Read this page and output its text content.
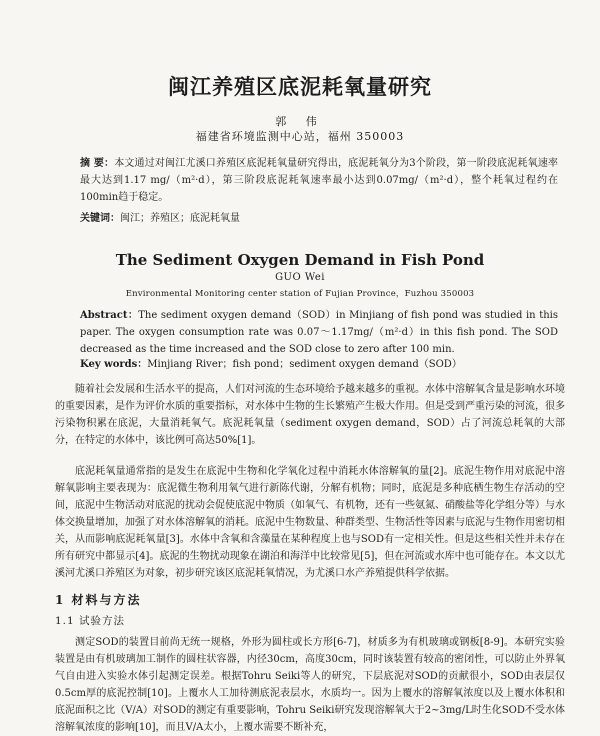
闽江养殖区底泥耗氧量研究
郭 伟
福建省环境监测中心站，福州 350003
摘 要：本文通过对闽江尤溪口养殖区底泥耗氧量研究得出，底泥耗氧分为3个阶段，第一阶段底泥耗氧速率最大达到1.17 mg/（m²·d），第三阶段底泥耗氧速率最小达到0.07mg/（m²·d），整个耗氧过程约在100min趋于稳定。
关键词：闽江；养殖区；底泥耗氧量
The Sediment Oxygen Demand in Fish Pond
GUO Wei
Environmental Monitoring center station of Fujian Province，Fuzhou 350003
Abstract：The sediment oxygen demand（SOD）in Minjiang of fish pond was studied in this paper. The oxygen consumption rate was 0.07～1.17mg/（m²·d）in this fish pond. The SOD decreased as the time increased and the SOD close to zero after 100 min.
Key words：Minjiang River；fish pond；sediment oxygen demand（SOD）
随着社会发展和生活水平的提高，人们对河流的生态环境给予越来越多的重视。水体中溶解氧含量是影响水环境的重要因素，是作为评价水质的重要指标，对水体中生物的生长繁殖产生极大作用。但是受到严重污染的河流，很多污染物积累在底泥，大量消耗氧气。底泥耗氧量（sediment oxygen demand，SOD）占了河流总耗氧的大部分，在特定的水体中，该比例可高达50%[1]。
底泥耗氧量通常指的是发生在底泥中生物和化学氧化过程中消耗水体溶解氧的量[2]。底泥生物作用对底泥中溶解氧影响主要表现为：底泥微生物利用氧气进行新陈代谢，分解有机物；同时，底泥是多种底栖生物生存活动的空间，底泥中生物活动对底泥的扰动会促使底泥中物质（如氧气、有机物，还有一些氨氮、硝酸盐等化学组分等）与水体交换量增加，加强了对水体溶解氧的消耗。底泥中生物数量、种群类型、生物活性等因素与底泥与生物作用密切相关，从而影响底泥耗氧量[3]。水体中含氧和含藻量在某种程度上也与SOD有一定相关性。但是这些相关性并未存在所有研究中都显示[4]。底泥的生物扰动现象在湖泊和海洋中比较常见[5]，但在河流或水库中也可能存在。本文以尤溪河尤溪口养殖区为对象，初步研究该区底泥耗氧情况，为尤溪口水产养殖提供科学依据。
1 材料与方法
1.1 试验方法
测定SOD的装置目前尚无统一规格，外形为圆柱或长方形[6-7]，材质多为有机玻璃或钢板[8-9]。本研究实验装置是由有机玻璃加工制作的圆柱状容器，内径30cm，高度30cm，同时该装置有较高的密闭性，可以防止外界氧气自由进入实验水体引起测定误差。根据Tohru Seiki等人的研究，下层底泥对SOD的贡献很小，SOD由表层仅0.5cm厚的底泥控制[10]。上覆水人工加待测底泥表层水，水质均一。因为上覆水的溶解氧浓度以及上覆水体积和底泥面积之比（V/A）对SOD的测定有重要影响，Tohru Seiki研究发现溶解氧大于2~3mg/L时生化SOD不受水体溶解氧浓度的影响[10]，而且V/A太小，上覆水需要不断补充，
